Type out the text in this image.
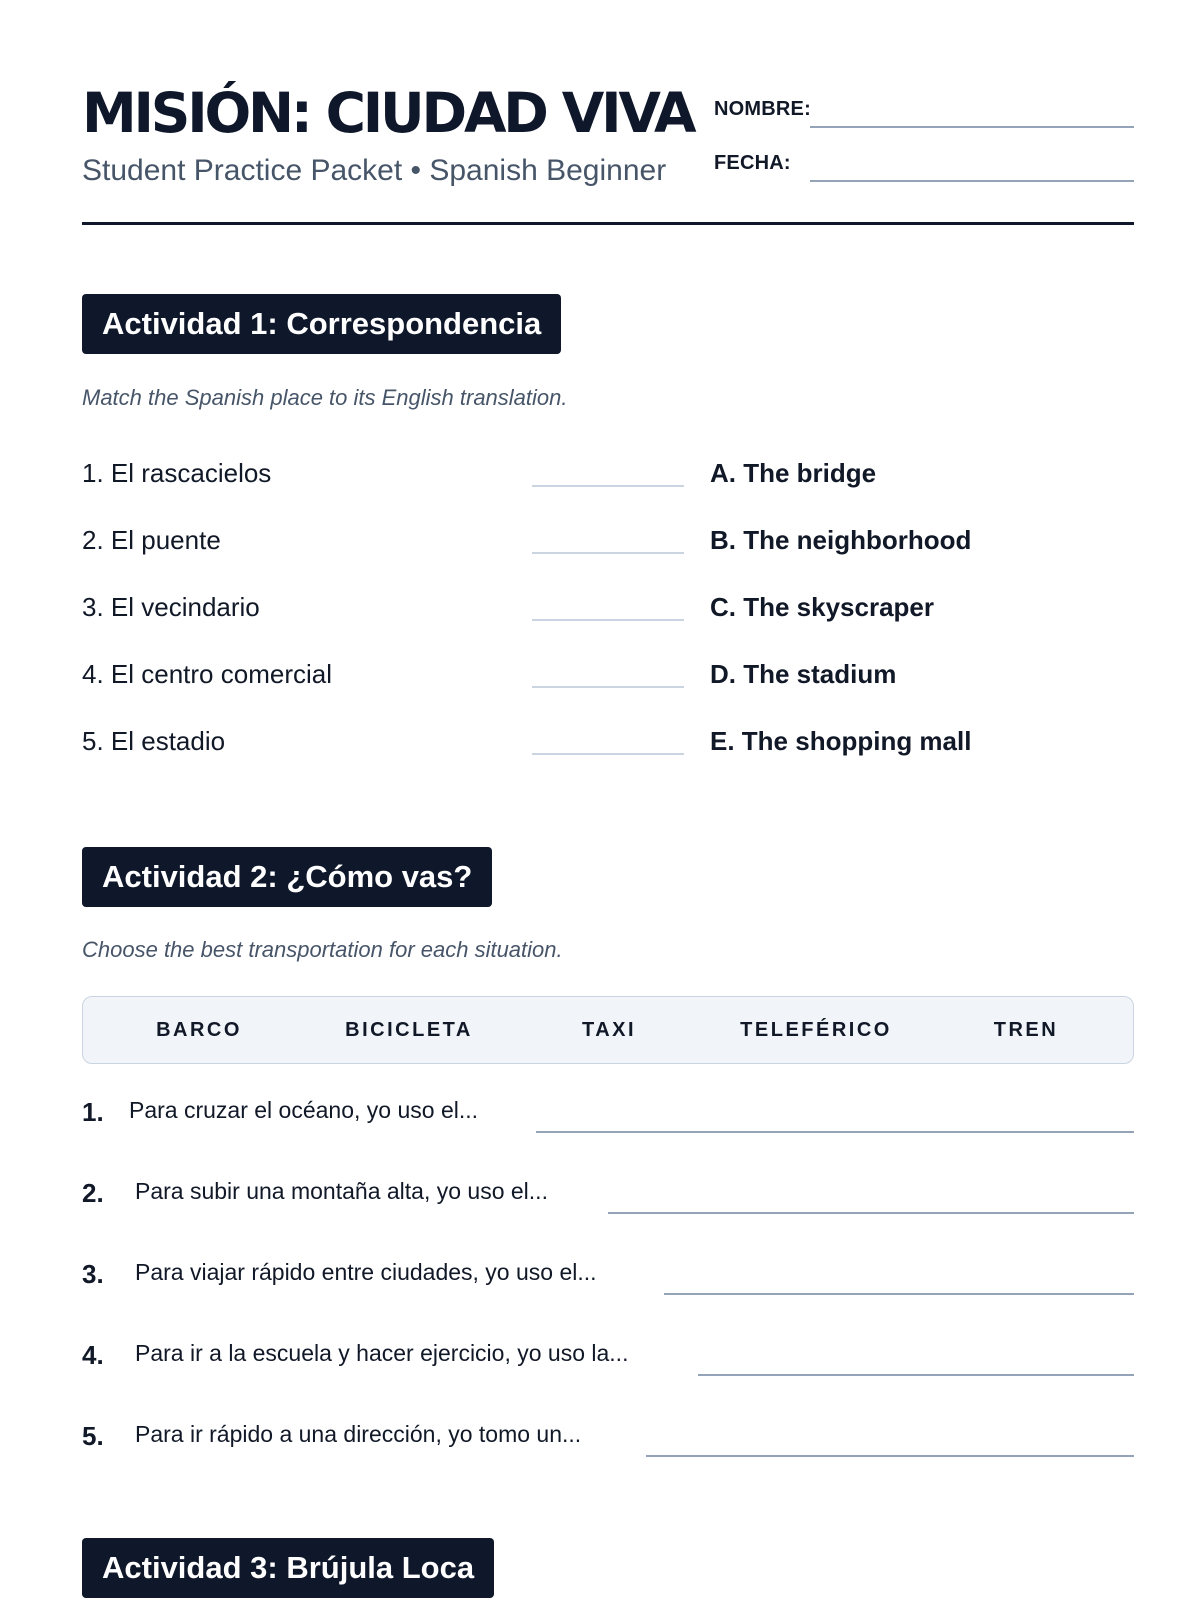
MISIÓN: CIUDAD VIVA
Student Practice Packet • Spanish Beginner
NOMBRE:
FECHA:
Actividad 1: Correspondencia
Match the Spanish place to its English translation.
1. El rascacielos	A. The bridge
2. El puente	B. The neighborhood
3. El vecindario	C. The skyscraper
4. El centro comercial	D. The stadium
5. El estadio	E. The shopping mall
Actividad 2: ¿Cómo vas?
Choose the best transportation for each situation.
BARCO	BICICLETA	TAXI	TELEFÉRICO	TREN
1. Para cruzar el océano, yo uso el...
2. Para subir una montaña alta, yo uso el...
3. Para viajar rápido entre ciudades, yo uso el...
4. Para ir a la escuela y hacer ejercicio, yo uso la...
5. Para ir rápido a una dirección, yo tomo un...
Actividad 3: Brújula Loca
